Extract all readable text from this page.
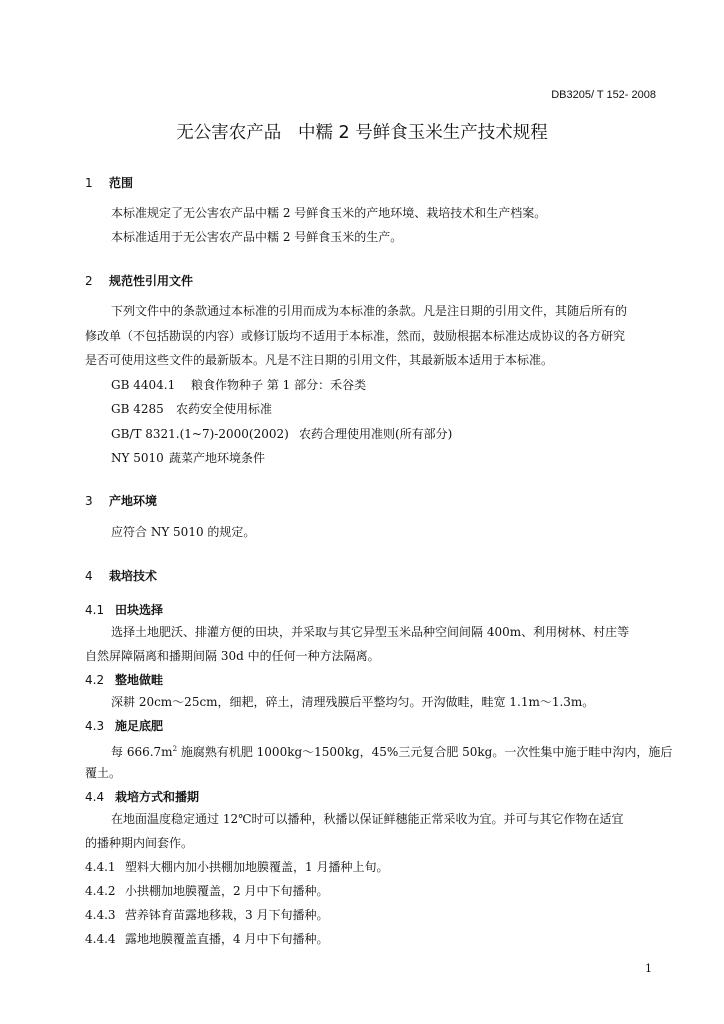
DB3205/ T 152- 2008
无公害农产品   中糯 2 号鲜食玉米生产技术规程
1 范围
本标准规定了无公害农产品中糯 2 号鲜食玉米的产地环境、栽培技术和生产档案。
本标准适用于无公害农产品中糯 2 号鲜食玉米的生产。
2 规范性引用文件
下列文件中的条款通过本标准的引用而成为本标准的条款。凡是注日期的引用文件，其随后所有的
修改单（不包括勘误的内容）或修订版均不适用于本标准，然而，鼓励根据本标准达成协议的各方研究
是否可使用这些文件的最新版本。凡是不注日期的引用文件，其最新版本适用于本标准。
GB 4404.1 粮食作物种子 第 1 部分：禾谷类
GB 4285 农药安全使用标准
GB/T 8321.(1~7)-2000(2002) 农药合理使用准则(所有部分)
NY 5010 蔬菜产地环境条件
3 产地环境
应符合 NY 5010 的规定。
4 栽培技术
4.1 田块选择
选择土地肥沃、排灌方便的田块，并采取与其它异型玉米品种空间间隔 400m、利用树林、村庄等
自然屏障隔离和播期间隔 30d 中的任何一种方法隔离。
4.2 整地做畦
深耕 20cm～25cm，细耙，碎土，清理残膜后平整均匀。开沟做畦，畦宽 1.1m～1.3m。
4.3 施足底肥
每 $666.7m^2$ 施腐熟有机肥 1000kg～1500kg，45%三元复合肥 50kg。一次性集中施于畦中沟内，施后
覆土。
4.4 栽培方式和播期
在地面温度稳定通过 12℃时可以播种，秋播以保证鲜穗能正常采收为宜。并可与其它作物在适宜
的播种期内间套作。
4.4.1 塑料大棚内加小拱棚加地膜覆盖，1 月播种上旬。
4.4.2 小拱棚加地膜覆盖，2 月中下旬播种。
4.4.3 营养钵育苗露地移栽，3 月下旬播种。
4.4.4 露地地膜覆盖直播，4 月中下旬播种。
1
